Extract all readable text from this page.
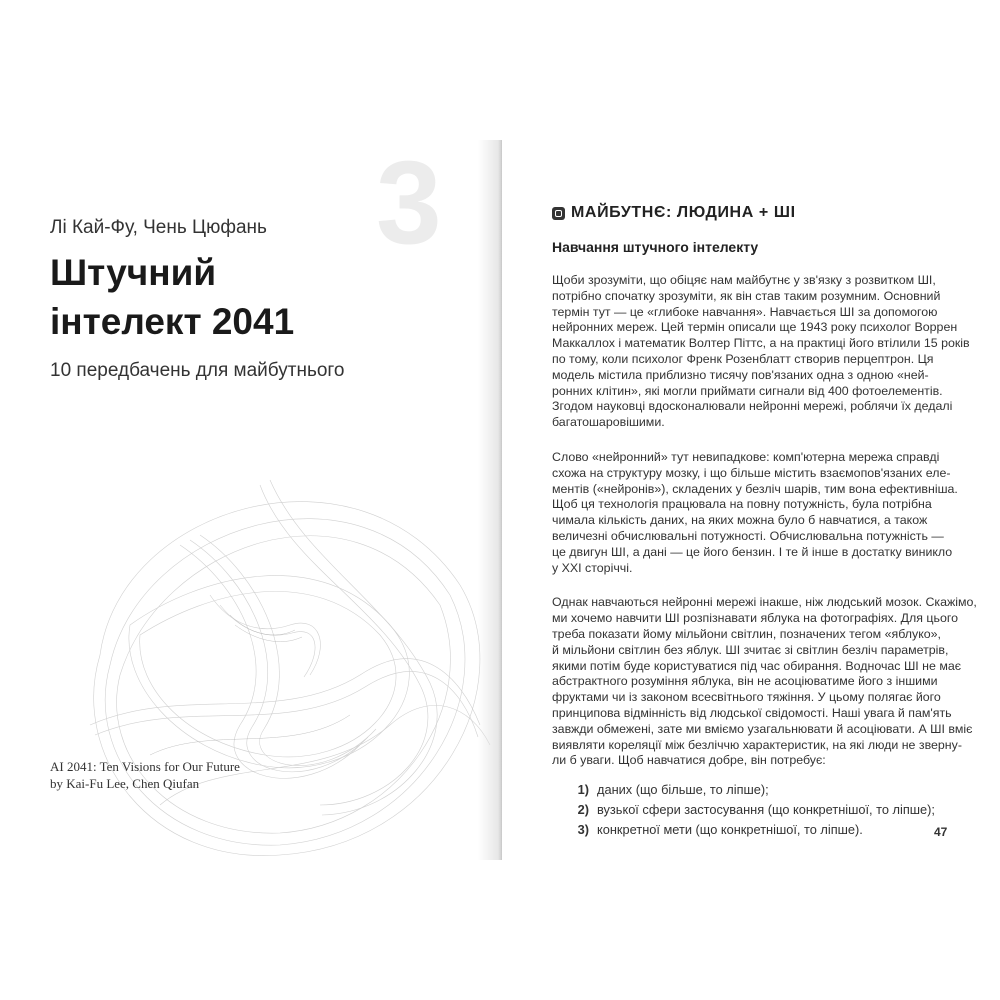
3
Лі Кай-Фу, Чень Цюфань
Штучний
інтелект 2041
10 передбачень для майбутнього
AI 2041: Ten Visions for Our Future
by Kai-Fu Lee, Chen Qiufan
МАЙБУТНЄ: ЛЮДИНА + ШІ
Навчання штучного інтелекту

Щоби зрозуміти, що обіцяє нам майбутнє у зв'язку з розвитком ШІ,
потрібно спочатку зрозуміти, як він став таким розумним. Основний
термін тут — це «глибоке навчання». Навчається ШІ за допомогою
нейронних мереж. Цей термін описали ще 1943 року психолог Воррен
Маккаллох і математик Волтер Піттс, а на практиці його втілили 15 років
по тому, коли психолог Френк Розенблатт створив перцептрон. Ця
модель містила приблизно тисячу пов'язаних одна з одною «ней-
ронних клітин», які могли приймати сигнали від 400 фотоелементів.
Згодом науковці вдосконалювали нейронні мережі, роблячи їх дедалі
багатошаровішими.

Слово «нейронний» тут невипадкове: комп'ютерна мережа справді
схожа на структуру мозку, і що більше містить взаємопов'язаних еле-
ментів («нейронів»), складених у безліч шарів, тим вона ефективніша.
Щоб ця технологія працювала на повну потужність, була потрібна
чимала кількість даних, на яких можна було б навчатися, а також
величезні обчислювальні потужності. Обчислювальна потужність —
це двигун ШІ, а дані — це його бензин. І те й інше в достатку виникло
у XXI сторіччі.

Однак навчаються нейронні мережі інакше, ніж людський мозок. Скажімо,
ми хочемо навчити ШІ розпізнавати яблука на фотографіях. Для цього
треба показати йому мільйони світлин, позначених тегом «яблуко»,
й мільйони світлин без яблук. ШІ зчитає зі світлин безліч параметрів,
якими потім буде користуватися під час обирання. Водночас ШІ не має
абстрактного розуміння яблука, він не асоціюватиме його з іншими
фруктами чи із законом всесвітнього тяжіння. У цьому полягає його
принципова відмінність від людської свідомості. Наші увага й пам'ять
завжди обмежені, зате ми вміємо узагальнювати й асоціювати. А ШІ вміє
виявляти кореляції між безліччю характеристик, на які люди не зверну-
ли б уваги. Щоб навчатися добре, він потребує:

1) даних (що більше, то ліпше);
2) вузької сфери застосування (що конкретнішої, то ліпше);
3) конкретної мети (що конкретнішої, то ліпше).	47
